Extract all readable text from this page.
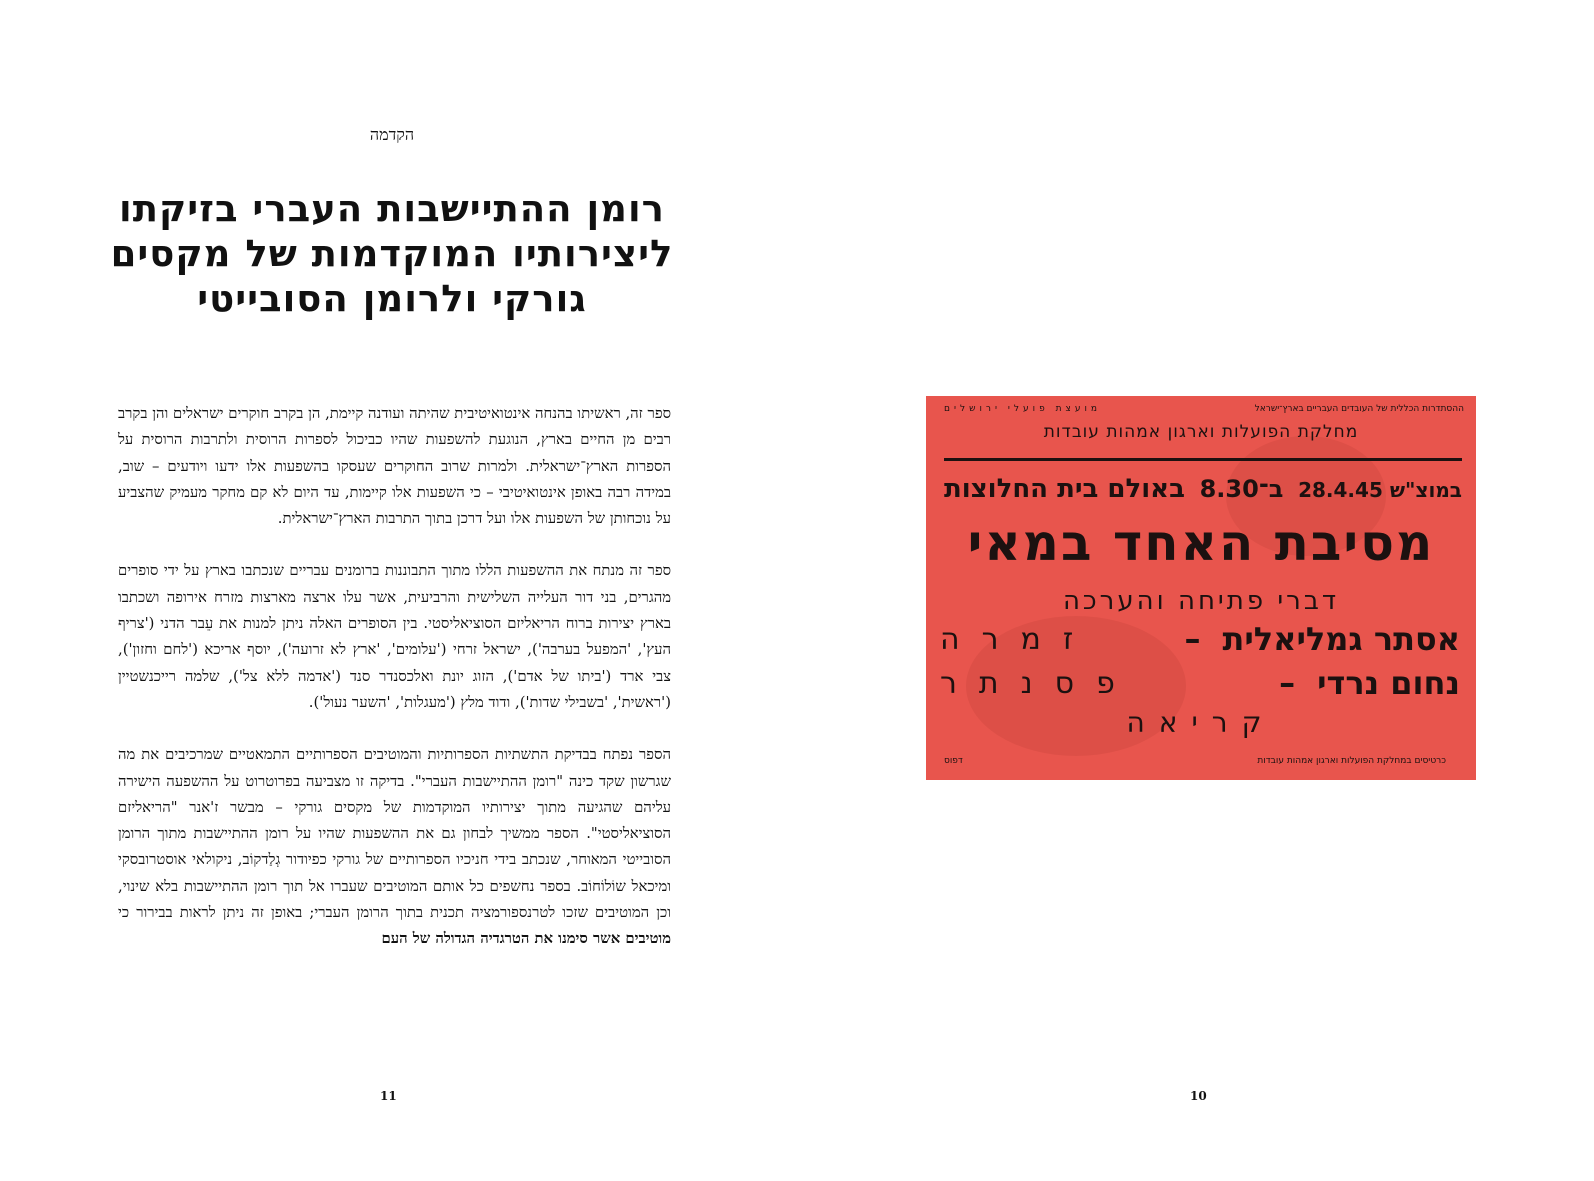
הקדמה
רומן ההתיישבות העברי בזיקתו ליצירותיו המוקדמות של מקסים גורקי ולרומן הסובייטי

ספר זה, ראשיתו בהנחה אינטואיטיבית שהיתה ועודנה קיימת, הן בקרב חוקרים ישראלים והן בקרב רבים מן החיים בארץ, הנוגעת להשפעות שהיו כביכול לספרות הרוסית ולתרבות הרוסית על הספרות הארץ־ישראלית. ולמרות שרוב החוקרים שעסקו בהשפעות אלו ידעו ויודעים – שוב, במידה רבה באופן אינטואיטיבי – כי השפעות אלו קיימות, עד היום לא קם מחקר מעמיק שהצביע על נוכחותן של השפעות אלו ועל דרכן בתוך התרבות הארץ־ישראלית.

ספר זה מנתח את ההשפעות הללו מתוך התבוננות ברומנים עבריים שנכתבו בארץ על ידי סופרים מהגרים, בני דור העלייה השלישית והרביעית, אשר עלו ארצה מארצות מזרח אירופה ושכתבו בארץ יצירות ברוח הריאליזם הסוציאליסטי. בין הסופרים האלה ניתן למנות את עֵבר הדני ('צריף העץ', 'המפעל בערבה'), ישראל זרחי ('עלומים', 'ארץ לא זרועה'), יוסף אריכא ('לחם וחזון'), צבי ארד ('ביתו של אדם'), הזוג יונת ואלכסנדר סנד ('אדמה ללא צל'), שלמה רייכנשטיין ('ראשית', 'בשבילי שדות'), ודוד מלץ ('מעגלות', 'השער נעול').

הספר נפתח בבדיקת התשתיות הספרותיות והמוטיבים הספרותיים התמאטיים שמרכיבים את מה שגרשון שקד כינה "רומן ההתיישבות העברי". בדיקה זו מצביעה בפרוטרוט על ההשפעה הישירה עליהם שהגיעה מתוך יצירותיו המוקדמות של מקסים גורקי – מבשר ז'אנר "הריאליזם הסוציאליסטי". הספר ממשיך לבחון גם את ההשפעות שהיו על רומן ההתיישבות מתוך הרומן הסובייטי המאוחר, שנכתב בידי חניכיו הספרותיים של גורקי כפיודור גְלַדקוֹב, ניקולאי אוסטרובסקי ומיכאל שוֹלוֹחוֹב. בספר נחשפים כל אותם המוטיבים שעברו אל תוך רומן ההתיישבות בלא שינוי, וכן המוטיבים שזכו לטרנספורמציה תכנית בתוך הרומן העברי; באופן זה ניתן לראות בבירור כי מוטיבים אשר סימנו את הטרגדיה הגדולה של העם

11	10
ההסתדרות הכללית של העובדים העבריים בארץ־ישראל
מועצת פועלי ירושלים
מחלקת הפועלות וארגון אמהות עובדות
במוצ"ש 28.4.45
ב־8.30
באולם בית החלוצות
מסיבת האחד במאי
דברי פתיחה והערכה
אסתר גמליאלית
–
זמרה
נחום נרדי
–
פסנתר
קריאה
כרטיסים במחלקת הפועלות וארגון אמהות עובדות
דפוס
